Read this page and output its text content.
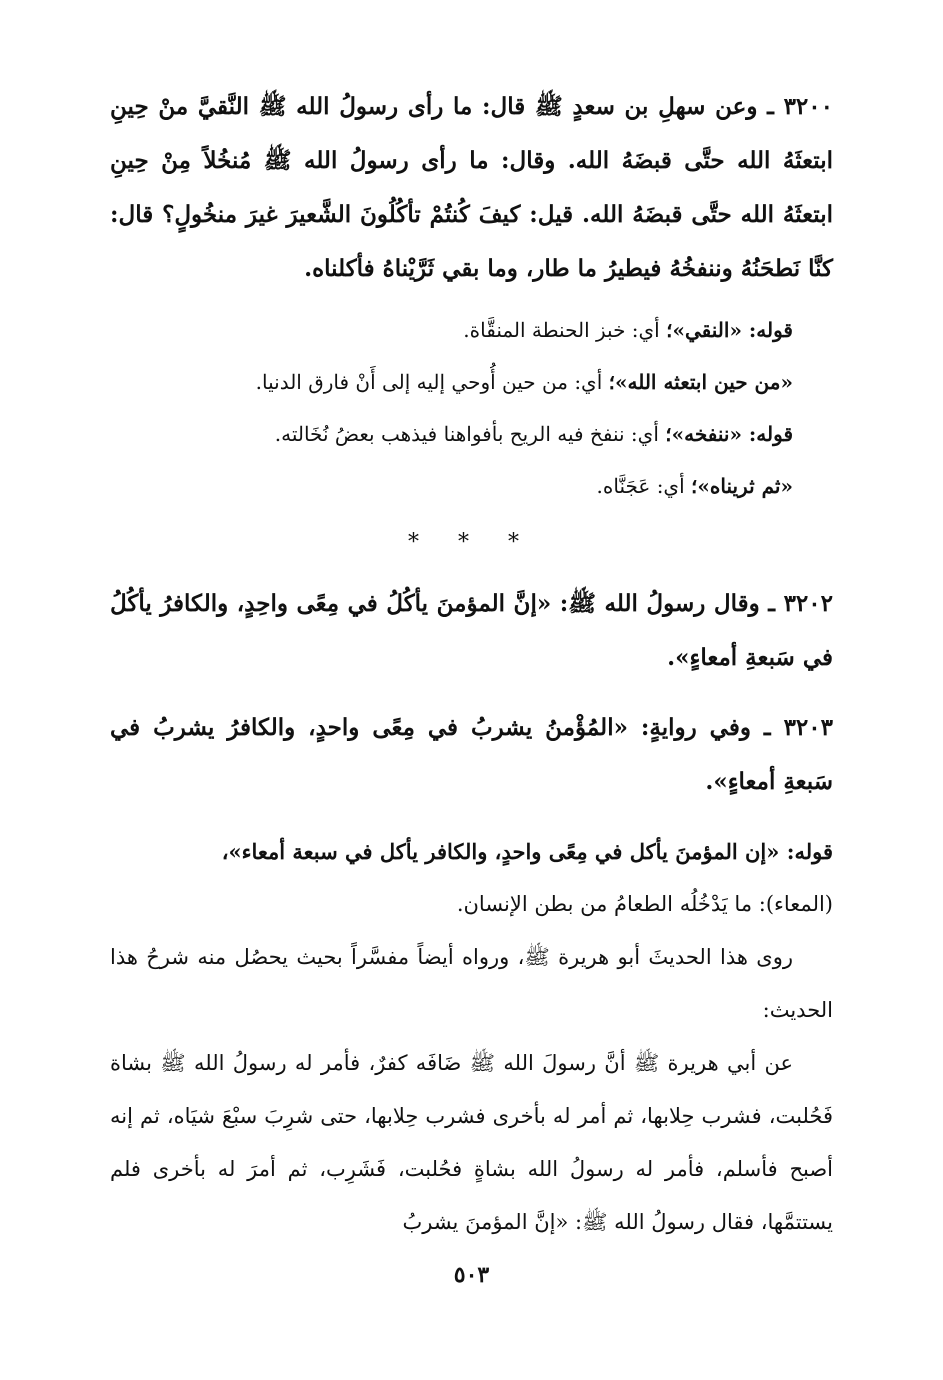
٣٢٠٠ ـ وعن سهلِ بن سعدٍ ﷺ قال: ما رأى رسولُ الله ﷺ النَّقيَّ منْ حِينِ ابتعثَهُ الله حتَّى قبضَهُ الله. وقال: ما رأى رسولُ الله ﷺ مُنخُلاً مِنْ حِينِ ابتعثَهُ الله حتَّى قبضَهُ الله. قيل: كيفَ كُنتُمْ تأكُلُونَ الشَّعيرَ غيرَ منخُولٍ؟ قال: كنَّا نَطحَنُهُ وننفخُهُ فيطيرُ ما طار، وما بقي ثَرَّيْناهُ فأكلناه.

قوله: «النقي»؛ أي: خبز الحنطة المنقَّاة.

«من حين ابتعثه الله»؛ أي: من حين أُوحي إليه إلى أَنْ فارق الدنيا.

قوله: «ننفخه»؛ أي: ننفخ فيه الريح بأفواهنا فيذهب بعضُ نُخَالته.

«ثم ثريناه»؛ أي: عَجَنَّاه.

* * *

٣٢٠٢ ـ وقال رسولُ الله ﷺ: «إنَّ المؤمنَ يأكُلُ في مِعًى واحِدٍ، والكافرُ يأكُلُ في سَبعةِ أمعاءٍ».

٣٢٠٣ ـ وفي روايةٍ: «المُؤْمنُ يشربُ في مِعًى واحدٍ، والكافرُ يشربُ في سَبعةِ أمعاءٍ».

قوله: «إن المؤمنَ يأكل في مِعًى واحدٍ، والكافر يأكل في سبعة أمعاء»،

(المعاء): ما يَدْخُلُه الطعامُ من بطن الإنسان.

روى هذا الحديثَ أبو هريرة ﷺ، ورواه أيضاً مفسَّراً بحيث يحصُل منه شرحُ هذا الحديث:

عن أبي هريرة ﷺ أنَّ رسولَ الله ﷺ ضَافَه كفرٌ، فأمر له رسولُ الله ﷺ بشاة فَحُلبت، فشرب حِلابها، ثم أمر له بأخرى فشرب حِلابها، حتى شرِبَ سبْعَ شيَاه، ثم إنه أصبح فأسلم، فأمر له رسولُ الله بشاةٍ فحُلبت، فَشَرِب، ثم أمرَ له بأخرى فلم يستتمَّها، فقال رسولُ الله ﷺ: «إنَّ المؤمنَ يشربُ

٥٠٣
